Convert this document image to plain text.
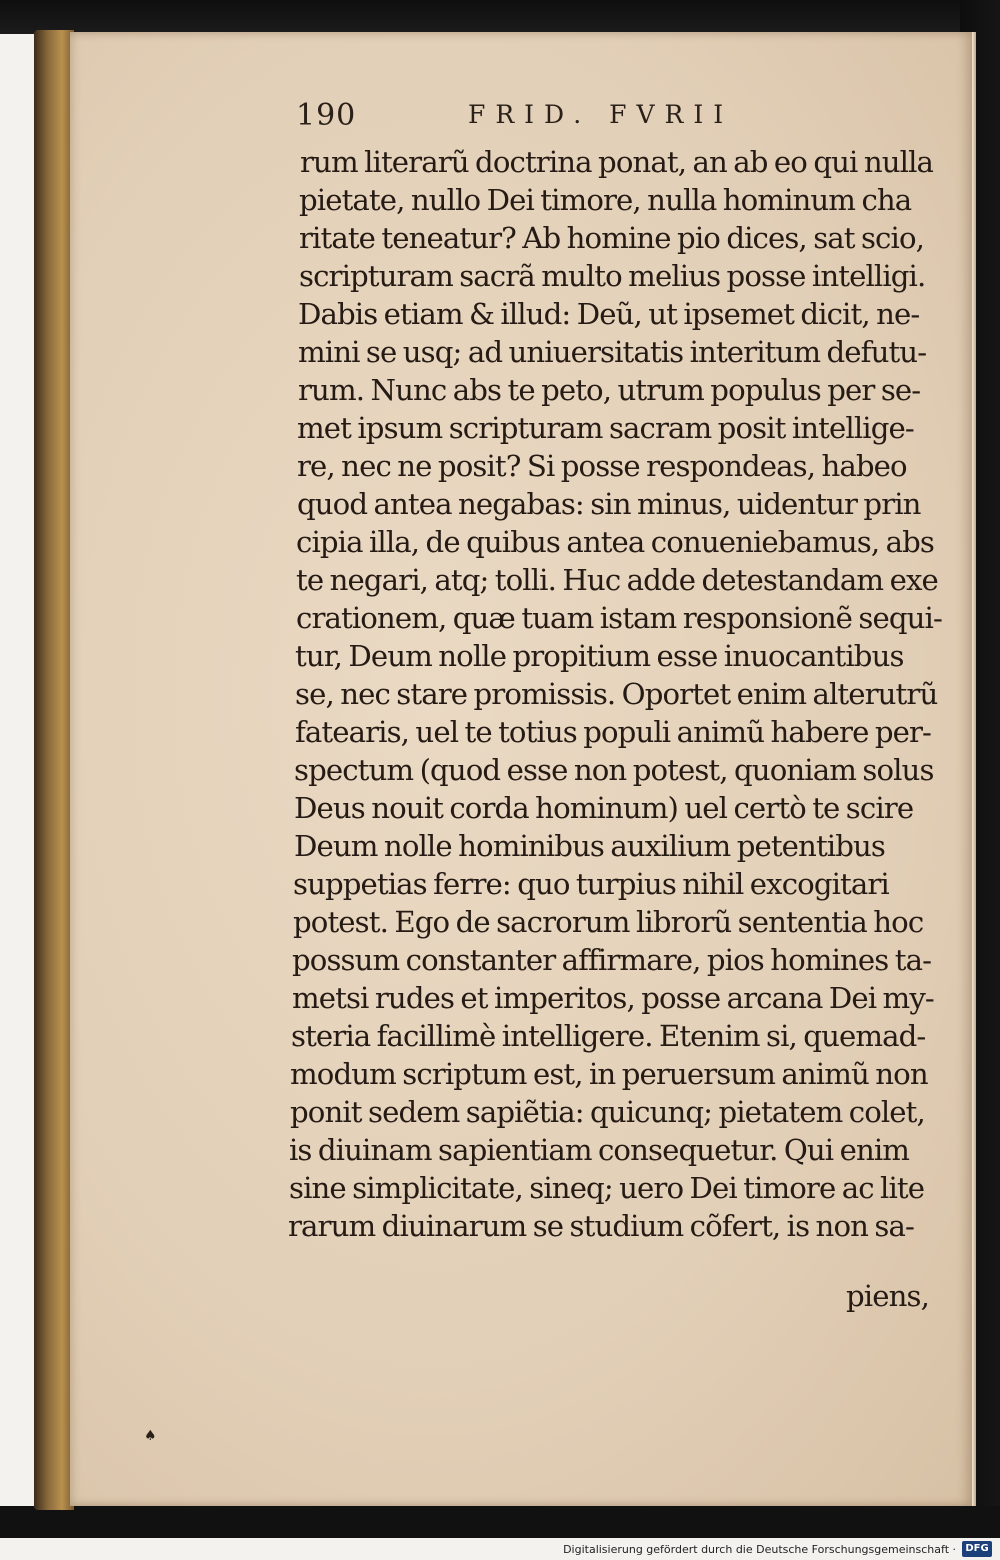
190	FRID. FVRII
rum literarũ doctrina ponat, an ab eo qui nulla
pietate, nullo Dei timore, nulla hominum cha
ritate teneatur? Ab homine pio dices, sat scio,
scripturam sacrã multo melius posse intelligi.
Dabis etiam & illud: Deũ, ut ipsemet dicit, ne-
mini se usq; ad uniuersitatis interitum defutu-
rum. Nunc abs te peto, utrum populus per se-
met ipsum scripturam sacram posit intellige-
re, nec ne posit? Si posse respondeas, habeo
quod antea negabas: sin minus, uidentur prin
cipia illa, de quibus antea conueniebamus, abs
te negari, atq; tolli. Huc adde detestandam exe
crationem, quæ tuam istam responsionẽ sequi-
tur, Deum nolle propitium esse inuocantibus
se, nec stare promissis. Oportet enim alterutrũ
fatearis, uel te totius populi animũ habere per-
spectum (quod esse non potest, quoniam solus
Deus nouit corda hominum) uel certò te scire
Deum nolle hominibus auxilium petentibus
suppetias ferre: quo turpius nihil excogitari
potest. Ego de sacrorum librorũ sententia hoc
possum constanter affirmare, pios homines ta-
metsi rudes et imperitos, posse arcana Dei my-
steria facillimè intelligere. Etenim si, quemad-
modum scriptum est, in peruersum animũ non
ponit sedem sapiẽtia: quicunq; pietatem colet,
is diuinam sapientiam consequetur. Qui enim
sine simplicitate, sineq; uero Dei timore ac lite
rarum diuinarum se studium cõfert, is non sa-
piens,
♠
Digitalisierung gefördert durch die Deutsche Forschungsgemeinschaft · DFG
